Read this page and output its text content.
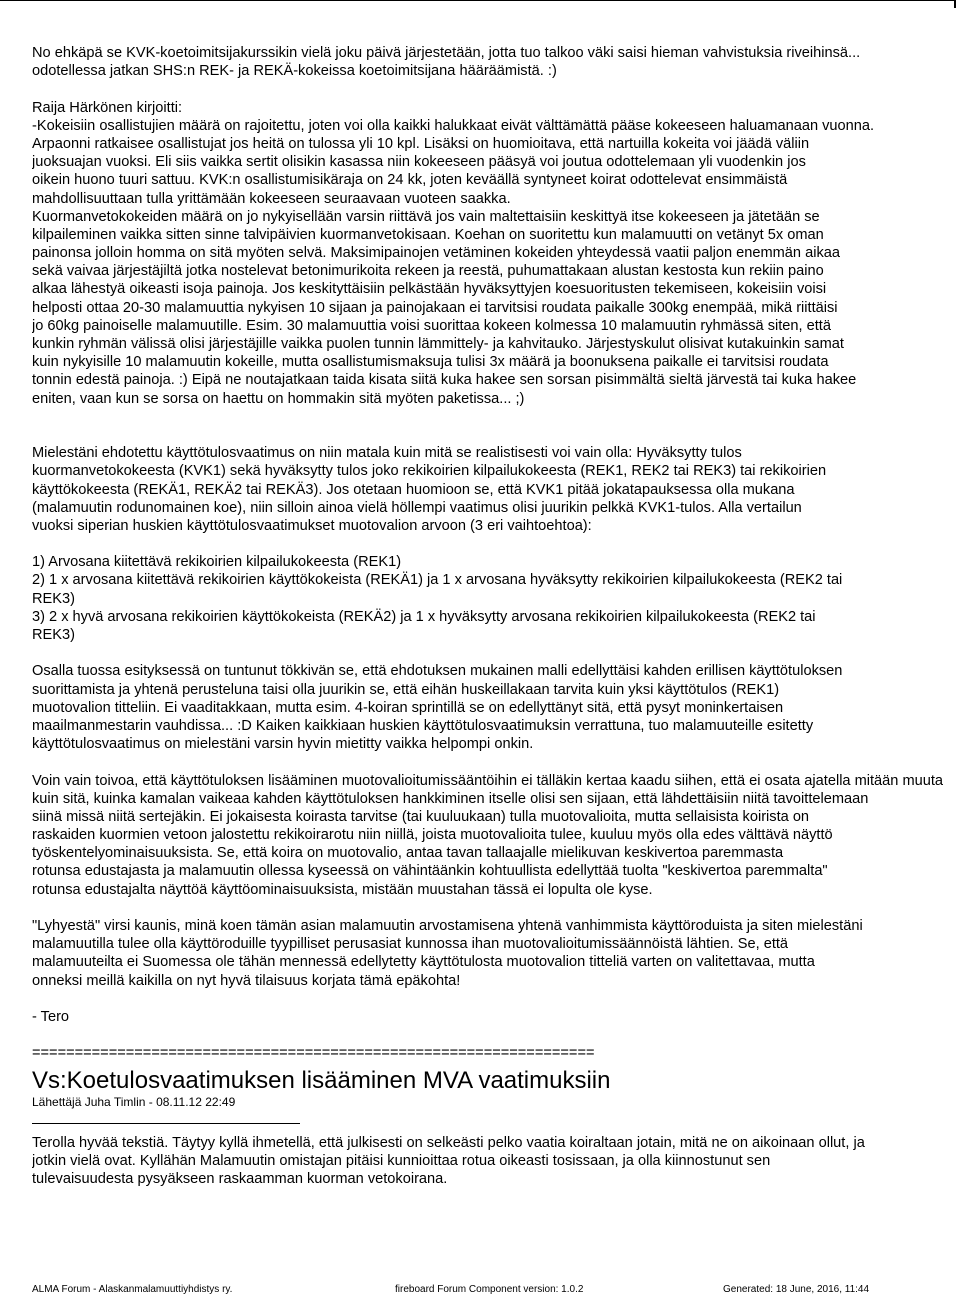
No ehkäpä se KVK-koetoimitsijakurssikin vielä joku päivä järjestetään, jotta tuo talkoo väki saisi hieman vahvistuksia riveihinsä...
odotellessa jatkan SHS:n REK- ja REKÄ-kokeissa koetoimitsijana hääräämistä. :)
Raija Härkönen kirjoitti:
-Kokeisiin osallistujien määrä on rajoitettu, joten voi olla kaikki halukkaat eivät välttämättä pääse kokeeseen haluamanaan vuonna.
Arpaonni ratkaisee osallistujat jos heitä on tulossa yli 10 kpl. Lisäksi on huomioitava, että nartuilla kokeita voi jäädä väliin
juoksuajan vuoksi. Eli siis vaikka sertit olisikin kasassa niin kokeeseen pääsyä voi joutua odottelemaan yli vuodenkin jos
oikein huono tuuri sattuu. KVK:n osallistumisikäraja on 24 kk, joten keväällä syntyneet koirat odottelevat ensimmäistä
mahdollisuuttaan tulla yrittämään kokeeseen seuraavaan vuoteen saakka.
Kuormanvetokokeiden määrä on jo nykyisellään varsin riittävä jos vain maltettaisiin keskittyä itse kokeeseen ja jätetään se
kilpaileminen vaikka sitten sinne talvipäivien kuormanvetokisaan. Koehan on suoritettu kun malamuutti on vetänyt 5x oman
painonsa jolloin homma on sitä myöten selvä. Maksimipainojen vetäminen kokeiden yhteydessä vaatii paljon enemmän aikaa
sekä vaivaa järjestäjiltä jotka nostelevat betonimurikoita rekeen ja reestä, puhumattakaan alustan kestosta kun rekiin paino
alkaa lähestyä oikeasti isoja painoja. Jos keskityttäisiin pelkästään hyväksyttyjen koesuoritusten tekemiseen, kokeisiin voisi
helposti ottaa 20-30 malamuuttia nykyisen 10 sijaan ja painojakaan ei tarvitsisi roudata paikalle 300kg enempää, mikä riittäisi
jo 60kg painoiselle malamuutille. Esim. 30 malamuuttia voisi suorittaa kokeen kolmessa 10 malamuutin ryhmässä siten, että
kunkin ryhmän välissä olisi järjestäjille vaikka puolen tunnin lämmittely- ja kahvitauko. Järjestyskulut olisivat kutakuinkin samat
kuin nykyisille 10 malamuutin kokeille, mutta osallistumismaksuja tulisi 3x määrä ja boonuksena paikalle ei tarvitsisi roudata
tonnin edestä painoja. :) Eipä ne noutajatkaan taida kisata siitä kuka hakee sen sorsan pisimmältä sieltä järvestä tai kuka hakee
eniten, vaan kun se sorsa on haettu on hommakin sitä myöten paketissa... ;)
Mielestäni ehdotettu käyttötulosvaatimus on niin matala kuin mitä se realistisesti voi vain olla: Hyväksytty tulos
kuormanvetokokeesta (KVK1) sekä hyväksytty tulos joko rekikoirien kilpailukokeesta (REK1, REK2 tai REK3) tai rekikoirien
käyttökokeesta (REKÄ1, REKÄ2 tai REKÄ3). Jos otetaan huomioon se, että KVK1 pitää jokatapauksessa olla mukana
(malamuutin rodunomainen koe), niin silloin ainoa vielä höllempi vaatimus olisi juurikin pelkkä KVK1-tulos. Alla vertailun
vuoksi siperian huskien käyttötulosvaatimukset muotovalion arvoon (3 eri vaihtoehtoa):
1) Arvosana kiitettävä rekikoirien kilpailukokeesta (REK1)
2) 1 x arvosana kiitettävä rekikoirien käyttökokeista (REKÄ1) ja 1 x arvosana hyväksytty rekikoirien kilpailukokeesta (REK2 tai
REK3)
3) 2 x hyvä arvosana rekikoirien käyttökokeista (REKÄ2) ja 1 x hyväksytty arvosana rekikoirien kilpailukokeesta (REK2 tai
REK3)
Osalla tuossa esityksessä on tuntunut tökkivän se, että ehdotuksen mukainen malli edellyttäisi kahden erillisen käyttötuloksen
suorittamista ja yhtenä perusteluna taisi olla juurikin se, että eihän huskeillakaan tarvita kuin yksi käyttötulos (REK1)
muotovalion titteliin. Ei vaaditakkaan, mutta esim. 4-koiran sprintillä se on edellyttänyt sitä, että pysyt moninkertaisen
maailmanmestarin vauhdissa... :D Kaiken kaikkiaan huskien käyttötulosvaatimuksin verrattuna, tuo malamuuteille esitetty
käyttötulosvaatimus on mielestäni varsin hyvin mietitty vaikka helpompi onkin.
Voin vain toivoa, että käyttötuloksen lisääminen muotovalioitumissääntöihin ei tälläkin kertaa kaadu siihen, että ei osata ajatella mitään muuta
kuin sitä, kuinka kamalan vaikeaa kahden käyttötuloksen hankkiminen itselle olisi sen sijaan, että lähdettäisiin niitä tavoittelemaan
siinä missä niitä sertejäkin. Ei jokaisesta koirasta tarvitse (tai kuuluukaan) tulla muotovalioita, mutta sellaisista koirista on
raskaiden kuormien vetoon jalostettu rekikoirarotu niin niillä, joista muotovalioita tulee, kuuluu myös olla edes välttävä näyttö
työskentelyominaisuuksista. Se, että koira on muotovalio, antaa tavan tallaajalle mielikuvan keskivertoa paremmasta
rotunsa edustajasta ja malamuutin ollessa kyseessä on vähintäänkin kohtuullista edellyttää tuolta "keskivertoa paremmalta"
rotunsa edustajalta näyttöä käyttöominaisuuksista, mistään muustahan tässä ei lopulta ole kyse.
"Lyhyestä" virsi kaunis, minä koen tämän asian malamuutin arvostamisena yhtenä vanhimmista käyttöroduista ja siten mielestäni
malamuutilla tulee olla käyttöroduille tyypilliset perusasiat kunnossa ihan muotovalioitumissäännöistä lähtien. Se, että
malamuuteilta ei Suomessa ole tähän mennessä edellytetty käyttötulosta muotovalion titteliä varten on valitettavaa, mutta
onneksi meillä kaikilla on nyt hyvä tilaisuus korjata tämä epäkohta!
- Tero
==================================================================
Vs:Koetulosvaatimuksen lisääminen MVA vaatimuksiin
Lähettäjä Juha Timlin - 08.11.12 22:49
Terolla hyvää tekstiä. Täytyy kyllä ihmetellä, että julkisesti on selkeästi pelko vaatia koiraltaan jotain, mitä ne on aikoinaan ollut, ja
jotkin vielä ovat. Kyllähän Malamuutin omistajan pitäisi kunnioittaa rotua oikeasti tosissaan, ja olla kiinnostunut sen
tulevaisuudesta pysyäkseen raskaamman kuorman vetokoirana.
ALMA Forum - Alaskanmalamuuttiyhdistys ry.	fireboard Forum Component version: 1.0.2	Generated: 18 June, 2016, 11:44
